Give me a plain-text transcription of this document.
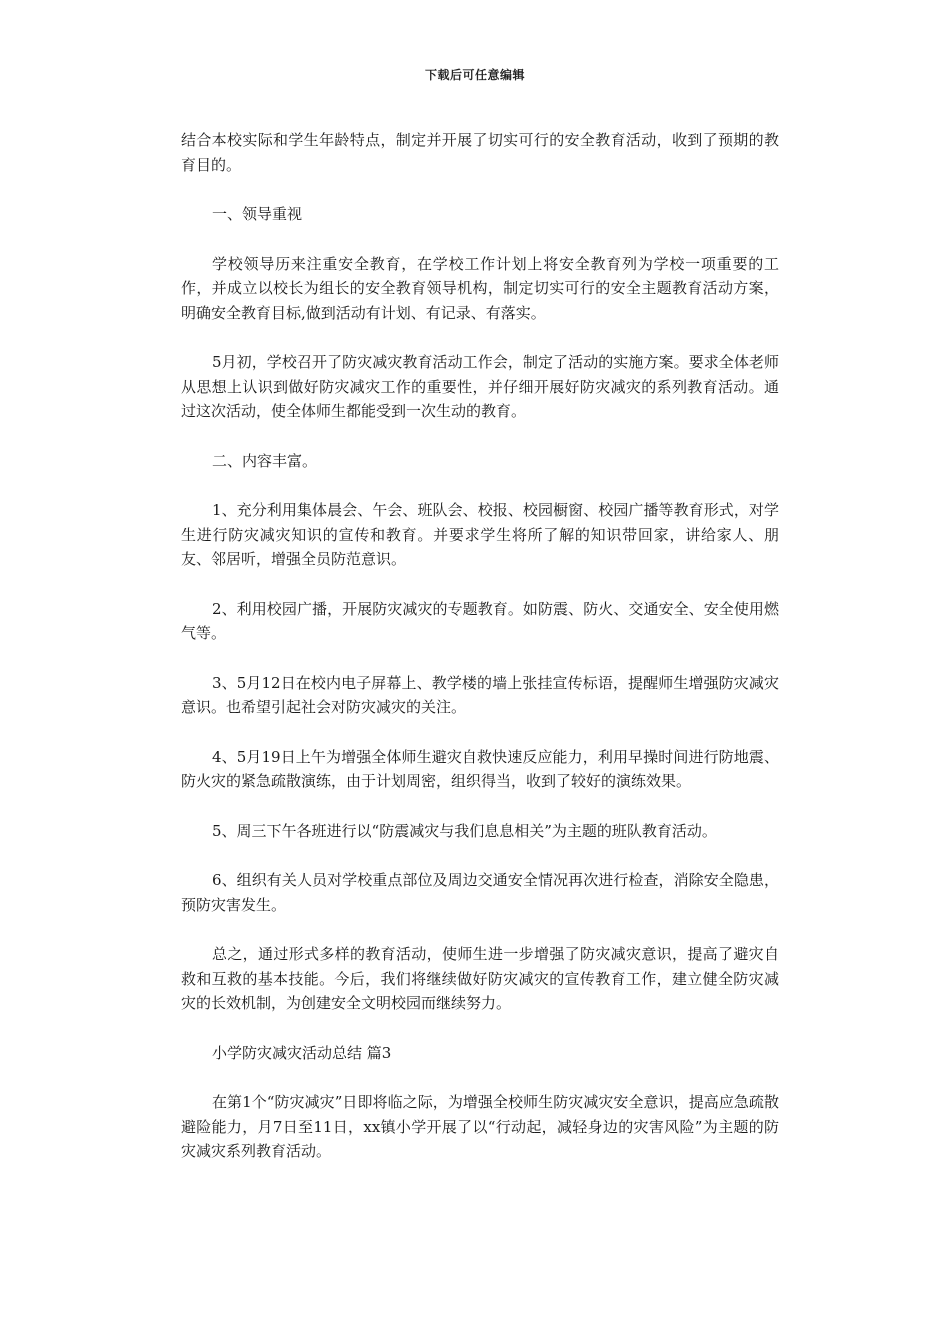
下载后可任意编辑

结合本校实际和学生年龄特点，制定并开展了切实可行的安全教育活动，收到了预期的教育目的。

一、领导重视

学校领导历来注重安全教育，在学校工作计划上将安全教育列为学校一项重要的工作，并成立以校长为组长的安全教育领导机构，制定切实可行的安全主题教育活动方案，明确安全教育目标,做到活动有计划、有记录、有落实。

5月初，学校召开了防灾减灾教育活动工作会，制定了活动的实施方案。要求全体老师从思想上认识到做好防灾减灾工作的重要性，并仔细开展好防灾减灾的系列教育活动。通过这次活动，使全体师生都能受到一次生动的教育。

二、内容丰富。

1、充分利用集体晨会、午会、班队会、校报、校园橱窗、校园广播等教育形式，对学生进行防灾减灾知识的宣传和教育。并要求学生将所了解的知识带回家，讲给家人、朋友、邻居听，增强全员防范意识。

2、利用校园广播，开展防灾减灾的专题教育。如防震、防火、交通安全、安全使用燃气等。

3、5月12日在校内电子屏幕上、教学楼的墙上张挂宣传标语，提醒师生增强防灾减灾意识。也希望引起社会对防灾减灾的关注。

4、5月19日上午为增强全体师生避灾自救快速反应能力，利用早操时间进行防地震、防火灾的紧急疏散演练，由于计划周密，组织得当，收到了较好的演练效果。

5、周三下午各班进行以“防震减灾与我们息息相关”为主题的班队教育活动。

6、组织有关人员对学校重点部位及周边交通安全情况再次进行检查，消除安全隐患，预防灾害发生。

总之，通过形式多样的教育活动，使师生进一步增强了防灾减灾意识，提高了避灾自救和互救的基本技能。今后，我们将继续做好防灾减灾的宣传教育工作，建立健全防灾减灾的长效机制，为创建安全文明校园而继续努力。

小学防灾减灾活动总结 篇3

在第1个“防灾减灾”日即将临之际，为增强全校师生防灾减灾安全意识，提高应急疏散避险能力，月7日至11日，xx镇小学开展了以“行动起，减轻身边的灾害风险”为主题的防灾减灾系列教育活动。
